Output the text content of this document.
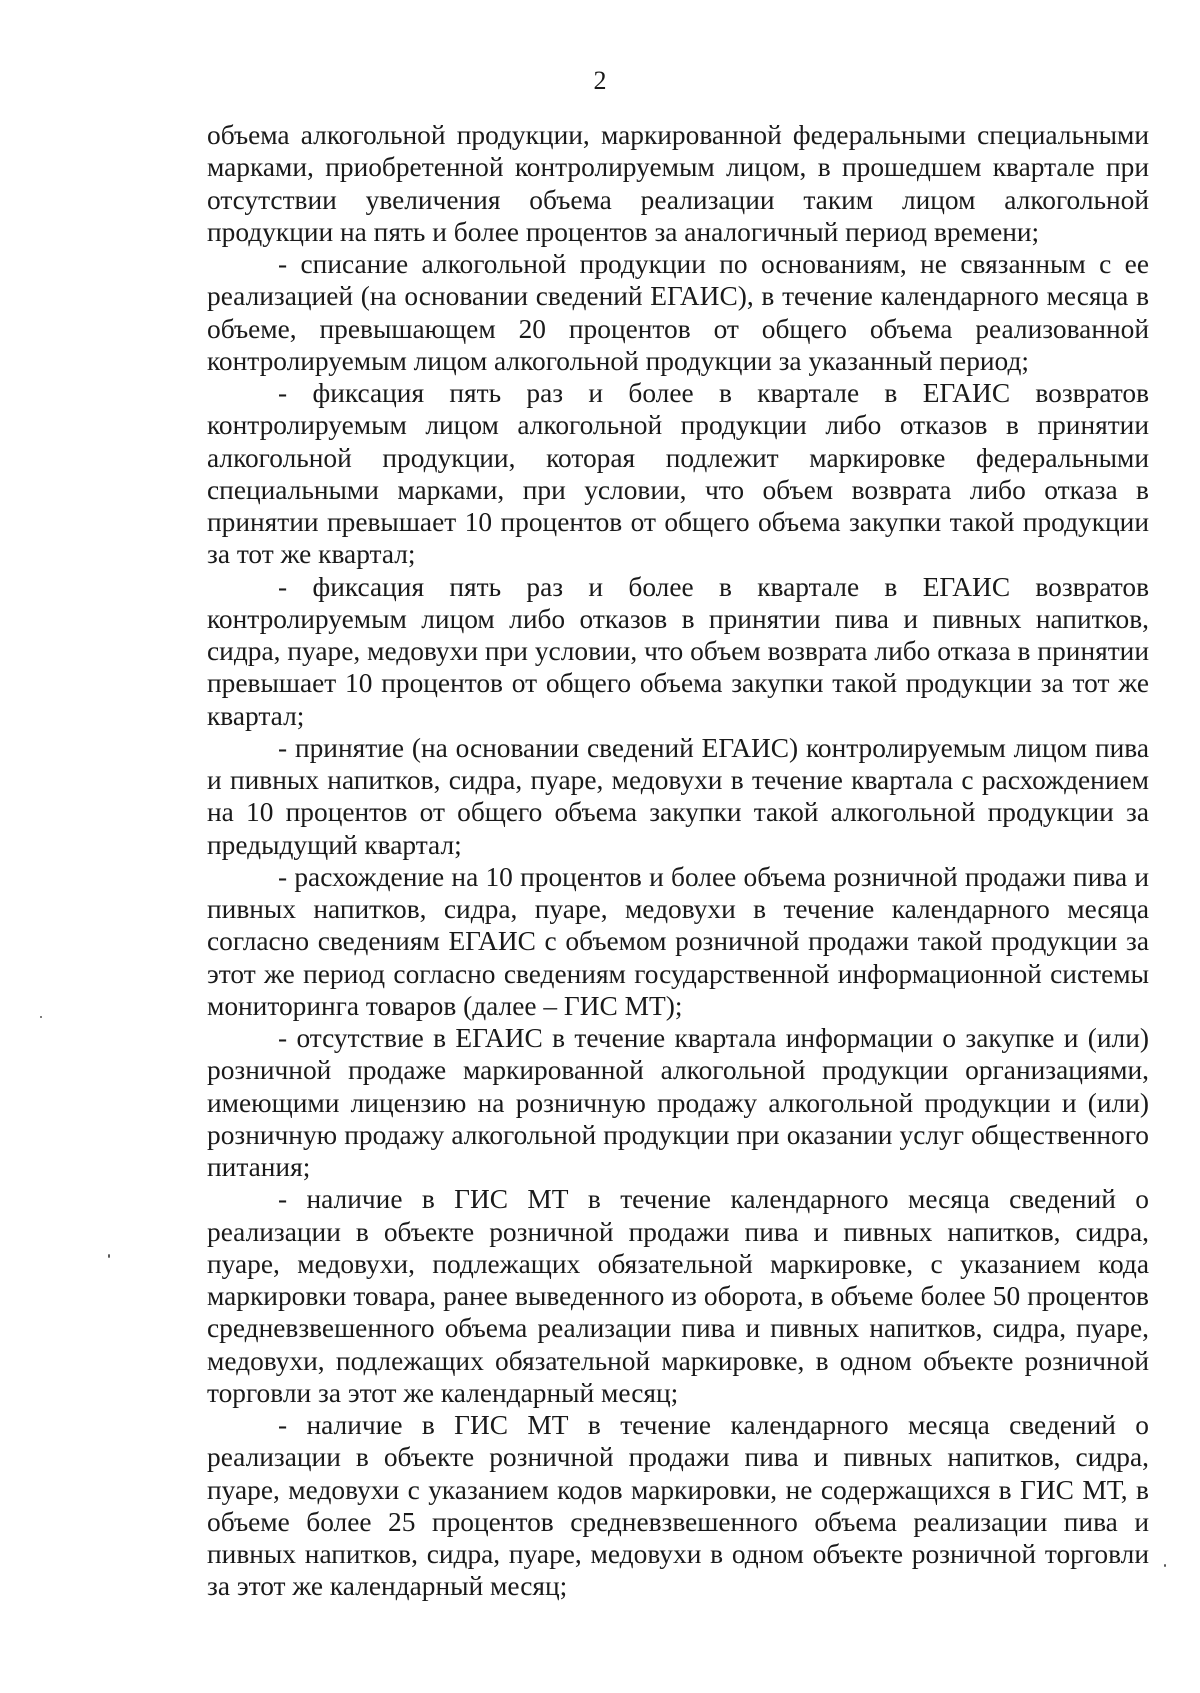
2

объема алкогольной продукции, маркированной федеральными специальными марками, приобретенной контролируемым лицом, в прошедшем квартале при отсутствии увеличения объема реализации таким лицом алкогольной продукции на пять и более процентов за аналогичный период времени;

- списание алкогольной продукции по основаниям, не связанным с ее реализацией (на основании сведений ЕГАИС), в течение календарного месяца в объеме, превышающем 20 процентов от общего объема реализованной контролируемым лицом алкогольной продукции за указанный период;

- фиксация пять раз и более в квартале в ЕГАИС возвратов контролируемым лицом алкогольной продукции либо отказов в принятии алкогольной продукции, которая подлежит маркировке федеральными специальными марками, при условии, что объем возврата либо отказа в принятии превышает 10 процентов от общего объема закупки такой продукции за тот же квартал;

- фиксация пять раз и более в квартале в ЕГАИС возвратов контролируемым лицом либо отказов в принятии пива и пивных напитков, сидра, пуаре, медовухи при условии, что объем возврата либо отказа в принятии превышает 10 процентов от общего объема закупки такой продукции за тот же квартал;

- принятие (на основании сведений ЕГАИС) контролируемым лицом пива и пивных напитков, сидра, пуаре, медовухи в течение квартала с расхождением на 10 процентов от общего объема закупки такой алкогольной продукции за предыдущий квартал;

- расхождение на 10 процентов и более объема розничной продажи пива и пивных напитков, сидра, пуаре, медовухи в течение календарного месяца согласно сведениям ЕГАИС с объемом розничной продажи такой продукции за этот же период согласно сведениям государственной информационной системы мониторинга товаров (далее – ГИС МТ);

- отсутствие в ЕГАИС в течение квартала информации о закупке и (или) розничной продаже маркированной алкогольной продукции организациями, имеющими лицензию на розничную продажу алкогольной продукции и (или) розничную продажу алкогольной продукции при оказании услуг общественного питания;

- наличие в ГИС МТ в течение календарного месяца сведений о реализации в объекте розничной продажи пива и пивных напитков, сидра, пуаре, медовухи, подлежащих обязательной маркировке, с указанием кода маркировки товара, ранее выведенного из оборота, в объеме более 50 процентов средневзвешенного объема реализации пива и пивных напитков, сидра, пуаре, медовухи, подлежащих обязательной маркировке, в одном объекте розничной торговли за этот же календарный месяц;

- наличие в ГИС МТ в течение календарного месяца сведений о реализации в объекте розничной продажи пива и пивных напитков, сидра, пуаре, медовухи с указанием кодов маркировки, не содержащихся в ГИС МТ, в объеме более 25 процентов средневзвешенного объема реализации пива и пивных напитков, сидра, пуаре, медовухи в одном объекте розничной торговли за этот же календарный месяц;
